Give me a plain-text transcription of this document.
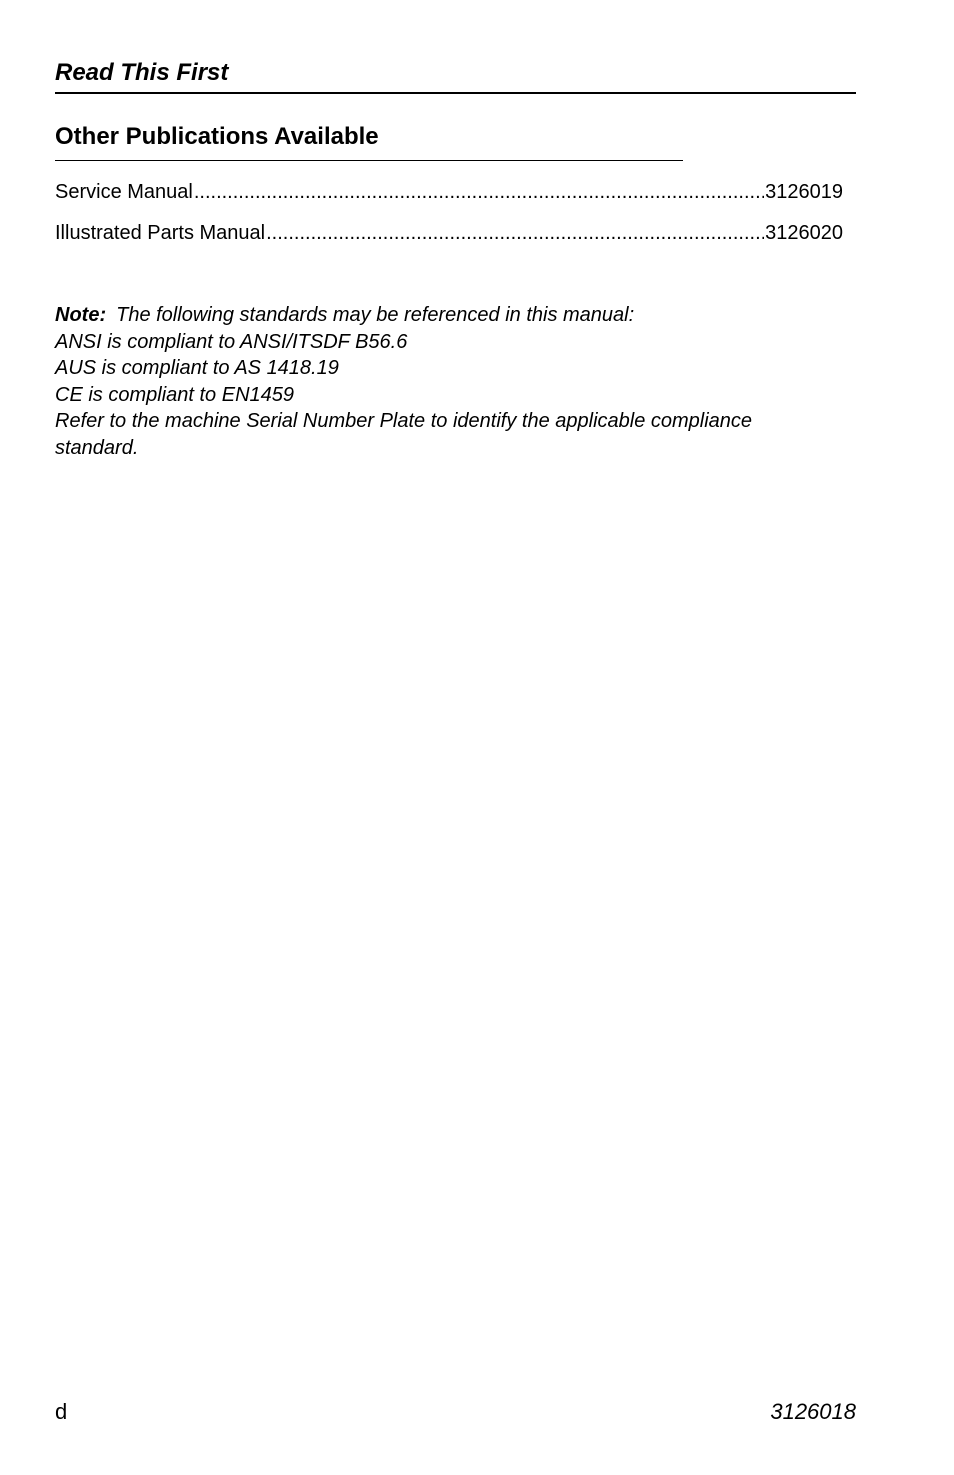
Read This First
Other Publications Available
Service Manual .....	3126019
Illustrated Parts Manual .....	3126020
Note: The following standards may be referenced in this manual:
ANSI is compliant to ANSI/ITSDF B56.6
AUS is compliant to AS 1418.19
CE is compliant to EN1459
Refer to the machine Serial Number Plate to identify the applicable compliance standard.
d	3126018
